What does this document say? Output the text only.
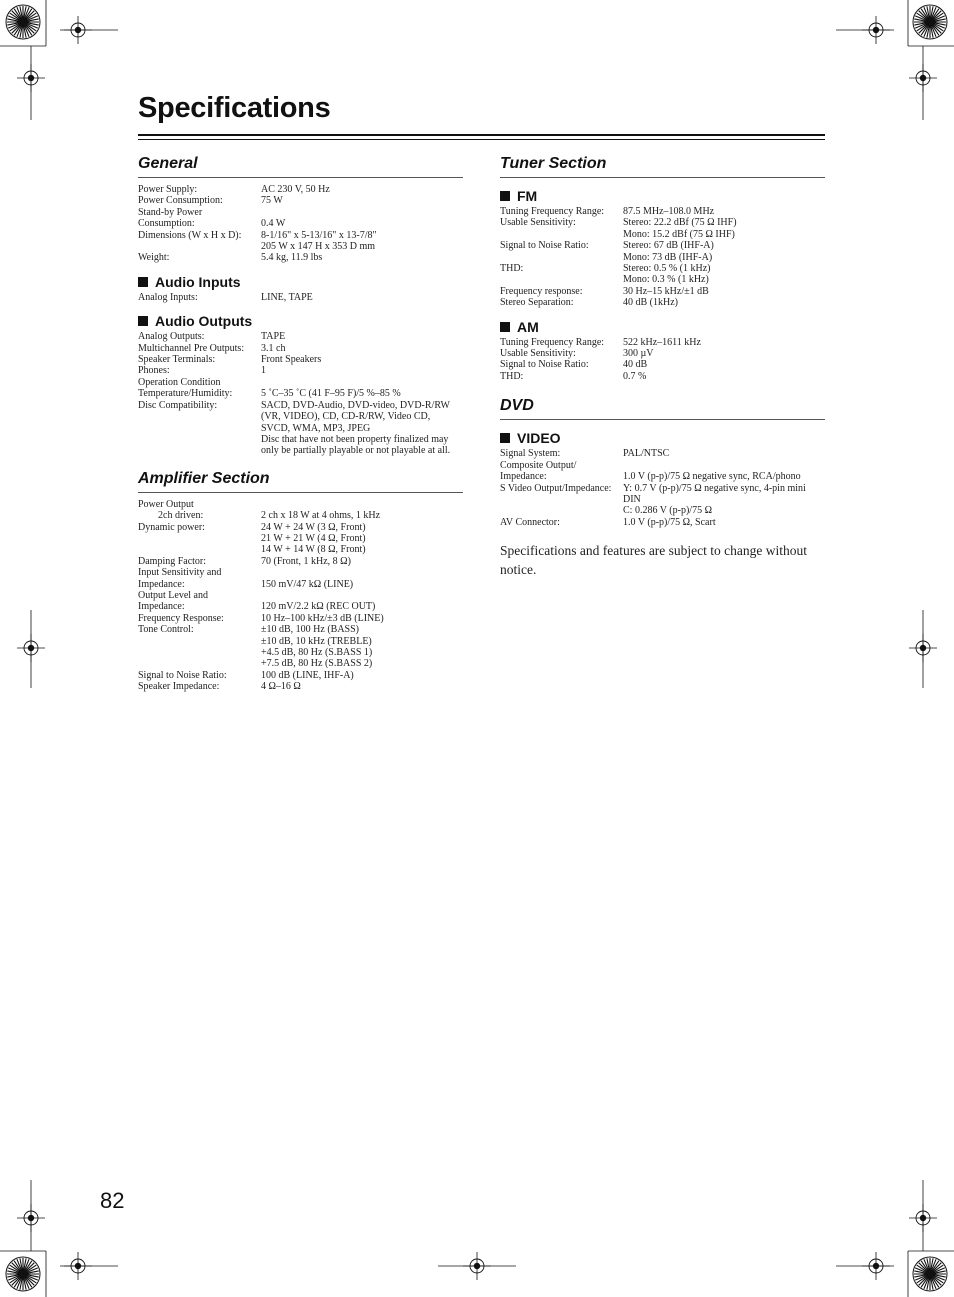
Specifications
General
Power Supply:	AC 230 V, 50 Hz
Power Consumption:	75 W
Stand-by Power
Consumption:	
0.4 W
Dimensions (W x H x D):	8-1/16" x 5-13/16" x 13-7/8"
205 W x 147 H x 353 D mm
Weight:	5.4 kg, 11.9 lbs
Audio Inputs
Analog Inputs:	LINE, TAPE
Audio Outputs
Analog Outputs:	TAPE
Multichannel Pre Outputs:	3.1 ch
Speaker Terminals:	Front Speakers
Phones:	1
Operation Condition
Temperature/Humidity:	
5 ˚C–35 ˚C (41 F–95 F)/5 %–85 %
Disc Compatibility:	SACD, DVD-Audio, DVD-video, DVD-R/RW
(VR, VIDEO), CD, CD-R/RW, Video CD,
SVCD, WMA, MP3, JPEG
Disc that have not been property finalized may
only be partially playable or not playable at all.
Amplifier Section
Power Output
2ch driven:	
2 ch x 18 W at 4 ohms, 1 kHz
Dynamic power:	24 W + 24 W (3 Ω, Front)
21 W + 21 W (4 Ω, Front)
14 W + 14 W (8 Ω, Front)
Damping Factor:	70 (Front, 1 kHz, 8 Ω)
Input Sensitivity and
Impedance:	
150 mV/47 kΩ (LINE)
Output Level and
Impedance:	
120 mV/2.2 kΩ (REC OUT)
Frequency Response:	10 Hz–100 kHz/±3 dB (LINE)
Tone Control:	±10 dB, 100 Hz (BASS)
±10 dB, 10 kHz (TREBLE)
+4.5 dB, 80 Hz (S.BASS 1)
+7.5 dB, 80 Hz (S.BASS 2)
Signal to Noise Ratio:	100 dB (LINE, IHF-A)
Speaker Impedance:	4 Ω–16 Ω
Tuner Section
FM
Tuning Frequency Range:	87.5 MHz–108.0 MHz
Usable Sensitivity:	Stereo: 22.2 dBf (75 Ω IHF)
Mono: 15.2 dBf (75 Ω IHF)
Signal to Noise Ratio:	Stereo: 67 dB (IHF-A)
Mono: 73 dB (IHF-A)
THD:	Stereo: 0.5 % (1 kHz)
Mono: 0.3 % (1 kHz)
Frequency response:	30 Hz–15 kHz/±1 dB
Stereo Separation:	40 dB (1kHz)
AM
Tuning Frequency Range:	522 kHz–1611 kHz
Usable Sensitivity:	300 µV
Signal to Noise Ratio:	40 dB
THD:	0.7 %
DVD
VIDEO
Signal System:	PAL/NTSC
Composite Output/
Impedance:	
1.0 V (p-p)/75 Ω negative sync, RCA/phono
S Video Output/Impedance:	Y: 0.7 V (p-p)/75 Ω negative sync, 4-pin mini
DIN
C: 0.286 V (p-p)/75 Ω
AV Connector:	1.0 V (p-p)/75 Ω, Scart
Specifications and features are subject to change without notice.
82
